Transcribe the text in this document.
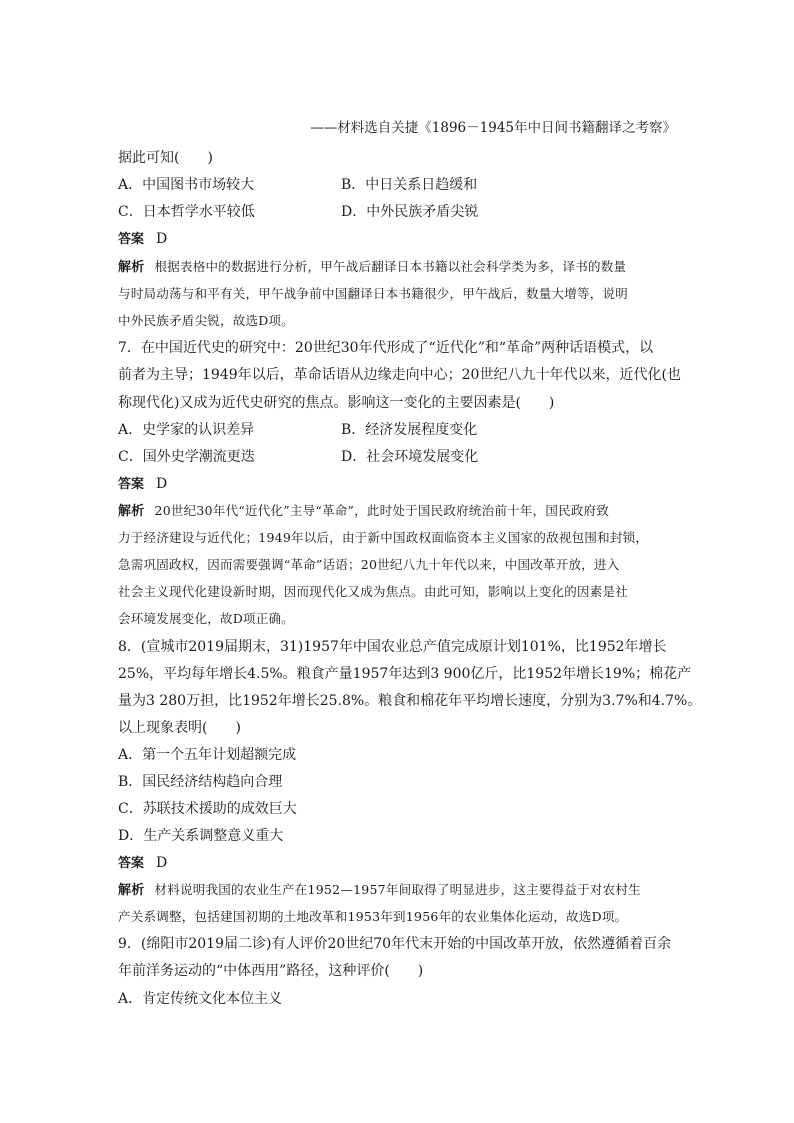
——材料选自关捷《1896－1945年中日间书籍翻译之考察》
据此可知(　　)
A．中国图书市场较大	B．中日关系日趋缓和
C．日本哲学水平较低	D．中外民族矛盾尖锐
答案 D
解析 根据表格中的数据进行分析，甲午战后翻译日本书籍以社会科学类为多，译书的数量
与时局动荡与和平有关，甲午战争前中国翻译日本书籍很少，甲午战后，数量大增等，说明
中外民族矛盾尖锐，故选D项。
7．在中国近代史的研究中：20世纪30年代形成了“近代化”和“革命”两种话语模式，以
前者为主导；1949年以后，革命话语从边缘走向中心；20世纪八九十年代以来，近代化(也
称现代化)又成为近代史研究的焦点。影响这一变化的主要因素是(　　)
A．史学家的认识差异	B．经济发展程度变化
C．国外史学潮流更迭	D．社会环境发展变化
答案 D
解析 20世纪30年代“近代化”主导“革命”，此时处于国民政府统治前十年，国民政府致
力于经济建设与近代化；1949年以后，由于新中国政权面临资本主义国家的敌视包围和封锁，
急需巩固政权，因而需要强调“革命”话语；20世纪八九十年代以来，中国改革开放，进入
社会主义现代化建设新时期，因而现代化又成为焦点。由此可知，影响以上变化的因素是社
会环境发展变化，故D项正确。
8．(宣城市2019届期末，31)1957年中国农业总产值完成原计划101%，比1952年增长
25%，平均每年增长4.5%。粮食产量1957年达到3 900亿斤，比1952年增长19%；棉花产
量为3 280万担，比1952年增长25.8%。粮食和棉花年平均增长速度，分别为3.7%和4.7%。
以上现象表明(　　)
A．第一个五年计划超额完成
B．国民经济结构趋向合理
C．苏联技术援助的成效巨大
D．生产关系调整意义重大
答案 D
解析 材料说明我国的农业生产在1952—1957年间取得了明显进步，这主要得益于对农村生
产关系调整，包括建国初期的土地改革和1953年到1956年的农业集体化运动，故选D项。
9．(绵阳市2019届二诊)有人评价20世纪70年代末开始的中国改革开放，依然遵循着百余
年前洋务运动的“中体西用”路径，这种评价(　　)
A．肯定传统文化本位主义
